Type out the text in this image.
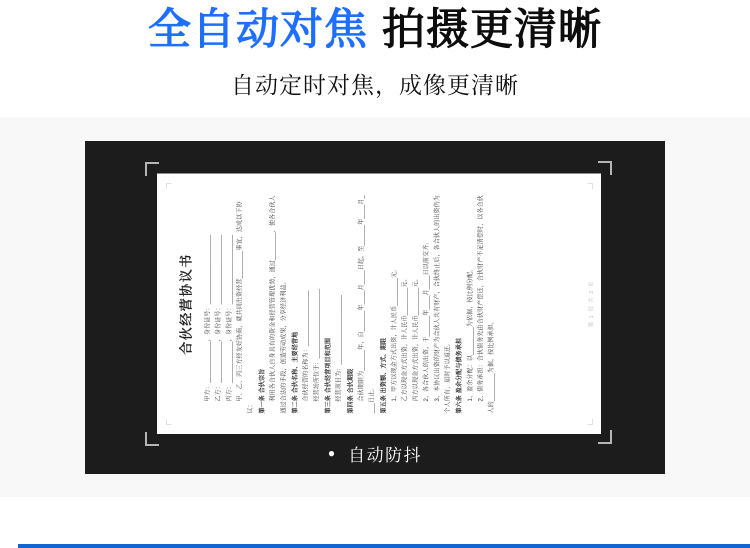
全自动对焦 拍摄更清晰
自动定时对焦，成像更清晰
合伙经营协议书 甲方：____________，身份证号：____________________ 乙方：____________，身份证号：____________________ 丙方：____________，身份证号：____________________ 甲、乙、丙三方经友好协商，就共同出资经营________事宜，达成以下协议： 第一条 合伙宗旨 利用各合伙人自身具有的资金和经营管理优势，通过________，使各合伙人通过合法的手段，创造劳动成果，分享经济利益。 第二条 合伙名称、主要经营地 合伙经营的名称为：________________ 经营场所位于：____________________ 第三条 合伙经营项目和范围 经营项目为：____________________ 第四条 合伙期限 合伙期限为______年，自______年____月____日起，至______年____月____日止。 第五条 出资额、方式、期限 1、甲方以现金方式出资，计人民币________元。 乙方以现金方式出资，计人民币________元。 丙方以现金方式出资，计人民币________元。 2、各合伙人的出资，于______年____月____日以前交齐。 3、本协议出资的财产为合伙人共有财产，合伙终止后，各合伙人的出资仍为个人所有，届时予以返还。 第六条 盈余分配与债务承担 1、盈余分配：以________为依据，按比例分配。 2、债务承担：合伙债务先由合伙财产偿还，合伙财产不足清偿时，以各合伙人的________为据，按比例承担。
第 1 页 共 2 页
● 自动防抖
